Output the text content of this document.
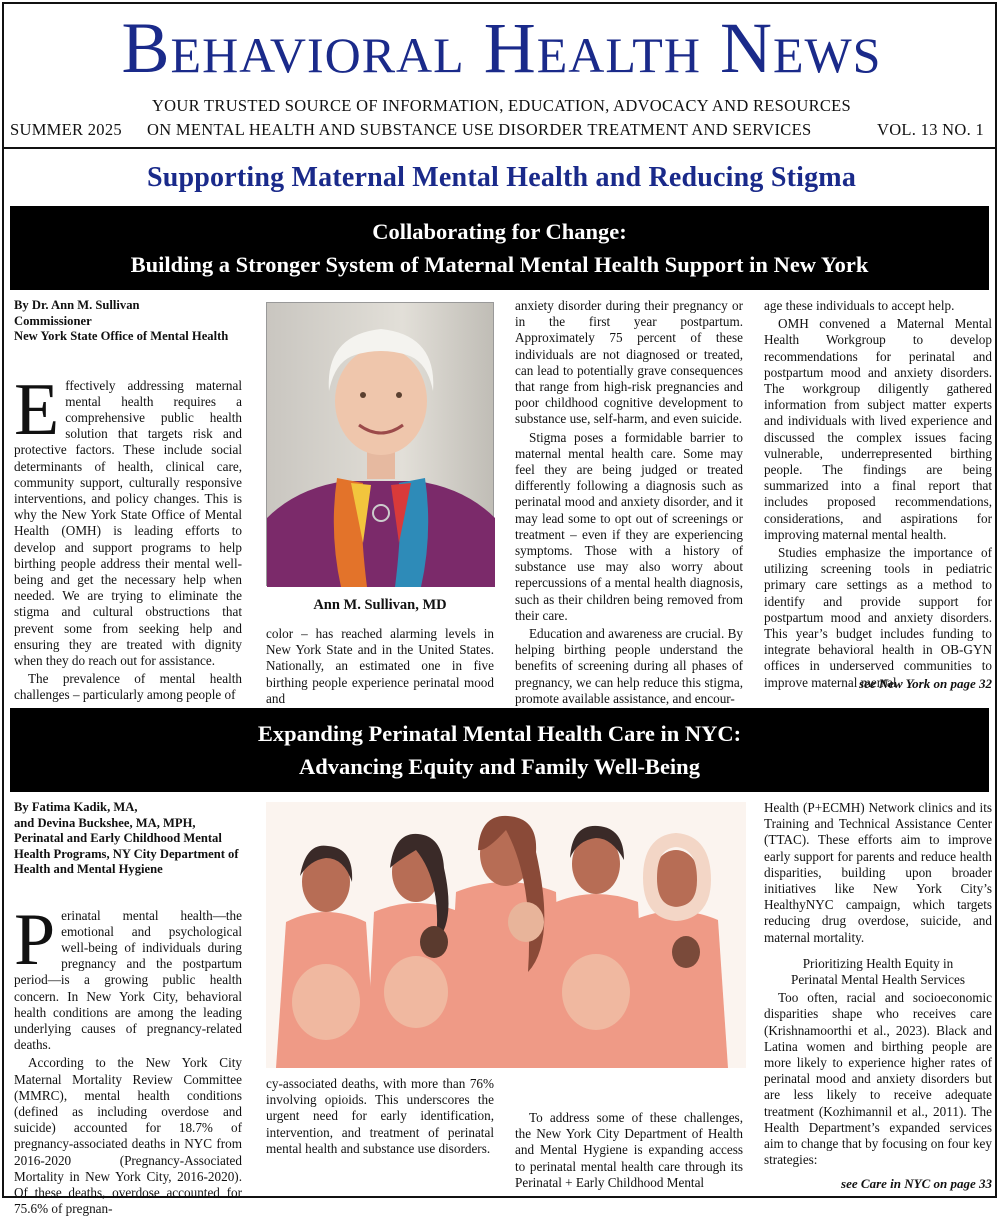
Behavioral Health News
YOUR TRUSTED SOURCE OF INFORMATION, EDUCATION, ADVOCACY AND RESOURCES
SUMMER 2025 ON MENTAL HEALTH AND SUBSTANCE USE DISORDER TREATMENT AND SERVICES	VOL. 13 NO. 1
Supporting Maternal Mental Health and Reducing Stigma
Collaborating for Change:
Building a Stronger System of Maternal Mental Health Support in New York
By Dr. Ann M. Sullivan
Commissioner
New York State Office of Mental Health

Effectively addressing maternal mental health requires a comprehensive public health solution that targets risk and protective factors. These include social determinants of health, clinical care, community support, culturally responsive interventions, and policy changes. This is why the New York State Office of Mental Health (OMH) is leading efforts to develop and support programs to help birthing people address their mental well-being and get the necessary help when needed. We are trying to eliminate the stigma and cultural obstructions that prevent some from seeking help and ensuring they are treated with dignity when they do reach out for assistance.

The prevalence of mental health challenges – particularly among people of

Ann M. Sullivan, MD

color – has reached alarming levels in New York State and in the United States. Nationally, an estimated one in five birthing people experience perinatal mood and

anxiety disorder during their pregnancy or in the first year postpartum. Approximately 75 percent of these individuals are not diagnosed or treated, can lead to potentially grave consequences that range from high-risk pregnancies and poor childhood cognitive development to substance use, self-harm, and even suicide.

Stigma poses a formidable barrier to maternal mental health care. Some may feel they are being judged or treated differently following a diagnosis such as perinatal mood and anxiety disorder, and it may lead some to opt out of screenings or treatment – even if they are experiencing symptoms. Those with a history of substance use may also worry about repercussions of a mental health diagnosis, such as their children being removed from their care.

Education and awareness are crucial. By helping birthing people understand the benefits of screening during all phases of pregnancy, we can help reduce this stigma, promote available assistance, and encour-

age these individuals to accept help.

OMH convened a Maternal Mental Health Workgroup to develop recommendations for perinatal and postpartum mood and anxiety disorders. The workgroup diligently gathered information from subject matter experts and individuals with lived experience and discussed the complex issues facing vulnerable, underrepresented birthing people. The findings are being summarized into a final report that includes proposed recommendations, considerations, and aspirations for improving maternal mental health.

Studies emphasize the importance of utilizing screening tools in pediatric primary care settings as a method to identify and provide support for postpartum mood and anxiety disorders. This year’s budget includes funding to integrate behavioral health in OB-GYN offices in underserved communities to improve maternal mental

see New York on page 32
Expanding Perinatal Mental Health Care in NYC:
Advancing Equity and Family Well-Being
By Fatima Kadik, MA,
and Devina Buckshee, MA, MPH,
Perinatal and Early Childhood Mental Health Programs, NY City Department of Health and Mental Hygiene

Perinatal mental health—the emotional and psychological well-being of individuals during pregnancy and the postpartum period—is a growing public health concern. In New York City, behavioral health conditions are among the leading underlying causes of pregnancy-related deaths.

According to the New York City Maternal Mortality Review Committee (MMRC), mental health conditions (defined as including overdose and suicide) accounted for 18.7% of pregnancy-associated deaths in NYC from 2016-2020 (Pregnancy-Associated Mortality in New York City, 2016-2020). Of these deaths, overdose accounted for 75.6% of pregnan-

cy-associated deaths, with more than 76% involving opioids. This underscores the urgent need for early identification, intervention, and treatment of perinatal mental health and substance use disorders.

To address some of these challenges, the New York City Department of Health and Mental Hygiene is expanding access to perinatal mental health care through its Perinatal + Early Childhood Mental

Health (P+ECMH) Network clinics and its Training and Technical Assistance Center (TTAC). These efforts aim to improve early support for parents and reduce health disparities, building upon broader initiatives like New York City’s HealthyNYC campaign, which targets reducing drug overdose, suicide, and maternal mortality.

Prioritizing Health Equity in
Perinatal Mental Health Services

Too often, racial and socioeconomic disparities shape who receives care (Krishnamoorthi et al., 2023). Black and Latina women and birthing people are more likely to experience higher rates of perinatal mood and anxiety disorders but are less likely to receive adequate treatment (Kozhimannil et al., 2011). The Health Department’s expanded services aim to change that by focusing on four key strategies:

see Care in NYC on page 33
